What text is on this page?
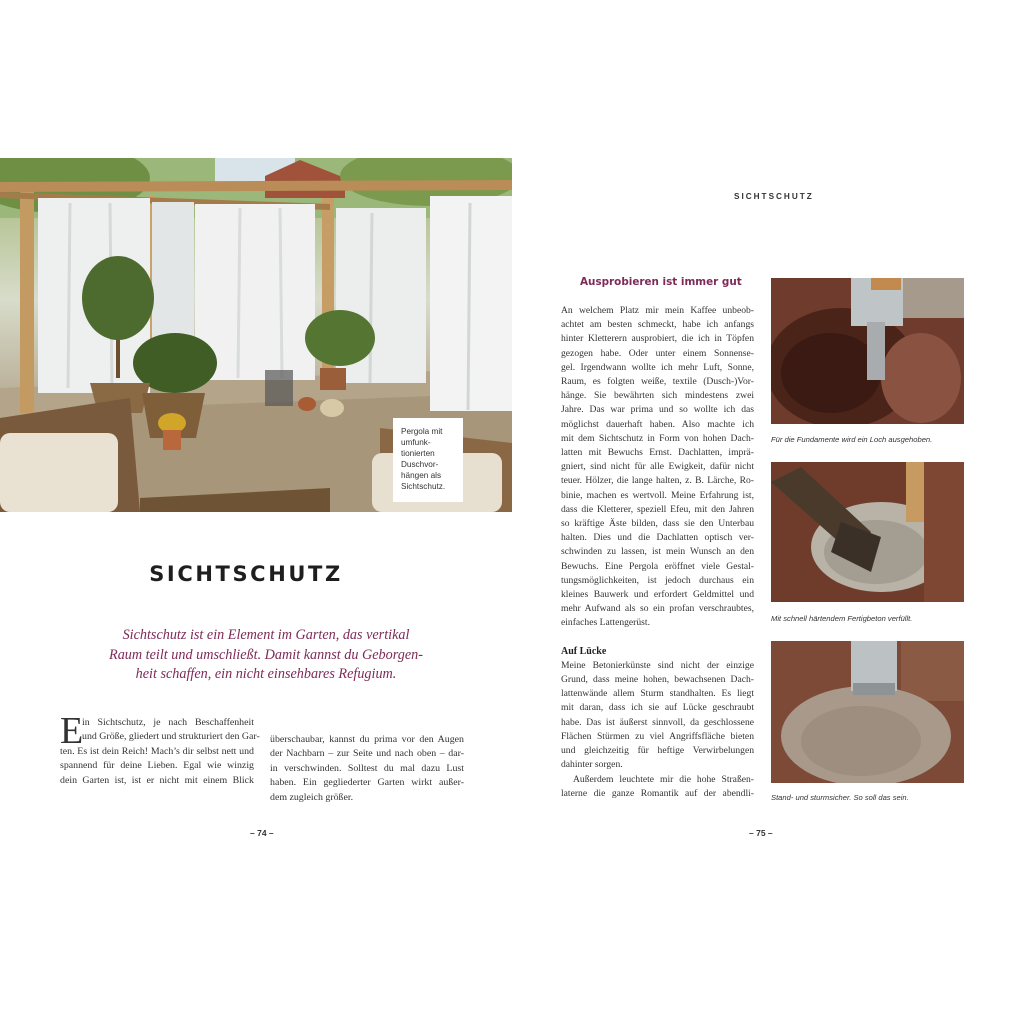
Pergola mit
umfunk-
tionierten
Duschvor-
hängen als
Sichtschutz.
SICHTSCHUTZ
Sichtschutz ist ein Element im Garten, das vertikal
Raum teilt und umschließt. Damit kannst du Geborgen-
heit schaffen, ein nicht einsehbares Refugium.
E
in Sichtschutz, je nach Beschaffenheit
und Größe, gliedert und strukturiert den Gar-
ten. Es ist dein Reich! Mach’s dir selbst nett und
spannend für deine Lieben. Egal wie winzig
dein Garten ist, ist er nicht mit einem Blick
überschaubar, kannst du prima vor den Augen
der Nachbarn – zur Seite und nach oben – dar-
in verschwinden. Solltest du mal dazu Lust
haben. Ein gegliederter Garten wirkt außer-
dem zugleich größer.
– 74 –
SICHTSCHUTZ
Ausprobieren ist immer gut
An welchem Platz mir mein Kaffee unbeob-
achtet am besten schmeckt, habe ich anfangs
hinter Kletterern ausprobiert, die ich in Töpfen
gezogen habe. Oder unter einem Sonnense-
gel. Irgendwann wollte ich mehr Luft, Sonne,
Raum, es folgten weiße, textile (Dusch-)Vor-
hänge. Sie bewährten sich mindestens zwei
Jahre. Das war prima und so wollte ich das
möglichst dauerhaft haben. Also machte ich
mit dem Sichtschutz in Form von hohen Dach-
latten mit Bewuchs Ernst. Dachlatten, imprä-
gniert, sind nicht für alle Ewigkeit, dafür nicht
teuer. Hölzer, die lange halten, z. B. Lärche, Ro-
binie, machen es wertvoll. Meine Erfahrung ist,
dass die Kletterer, speziell Efeu, mit den Jahren
so kräftige Äste bilden, dass sie den Unterbau
halten. Dies und die Dachlatten optisch ver-
schwinden zu lassen, ist mein Wunsch an den
Bewuchs. Eine Pergola eröffnet viele Gestal-
tungsmöglichkeiten, ist jedoch durchaus ein
kleines Bauwerk und erfordert Geldmittel und
mehr Aufwand als so ein profan verschraubtes,
einfaches Lattengerüst.
Auf Lücke
Meine Betonierkünste sind nicht der einzige
Grund, dass meine hohen, bewachsenen Dach-
lattenwände allem Sturm standhalten. Es liegt
mit daran, dass ich sie auf Lücke geschraubt
habe. Das ist äußerst sinnvoll, da geschlossene
Flächen Stürmen zu viel Angriffsfläche bieten
und gleichzeitig für heftige Verwirbelungen
dahinter sorgen.
Außerdem leuchtete mir die hohe Straßen-
laterne die ganze Romantik auf der abendli-
Für die Fundamente wird ein Loch ausgehoben.
Mit schnell härtendem Fertigbeton verfüllt.
Stand- und sturmsicher. So soll das sein.
– 75 –
